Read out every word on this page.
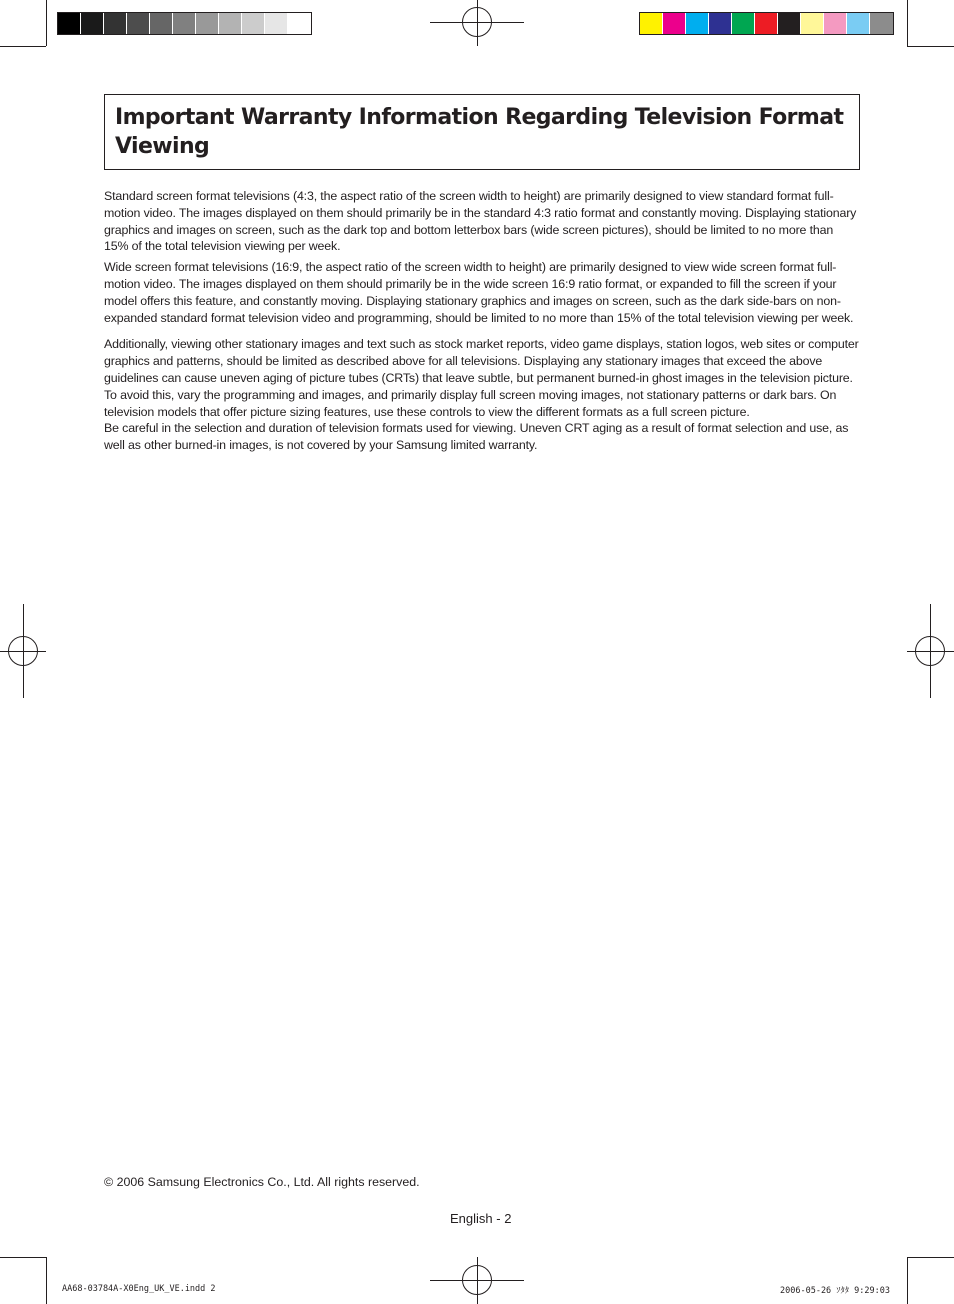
Important Warranty Information Regarding Television Format Viewing

Standard screen format televisions (4:3, the aspect ratio of the screen width to height) are primarily designed to view standard format full-motion video. The images displayed on them should primarily be in the standard 4:3 ratio format and constantly moving. Displaying stationary graphics and images on screen, such as the dark top and bottom letterbox bars (wide screen pictures), should be limited to no more than 15% of the total television viewing per week.

Wide screen format televisions (16:9, the aspect ratio of the screen width to height) are primarily designed to view wide screen format full-motion video. The images displayed on them should primarily be in the wide screen 16:9 ratio format, or expanded to fill the screen if your model offers this feature, and constantly moving. Displaying stationary graphics and images on screen, such as the dark side-bars on non-expanded standard format television video and programming, should be limited to no more than 15% of the total television viewing per week.

Additionally, viewing other stationary images and text such as stock market reports, video game displays, station logos, web sites or computer graphics and patterns, should be limited as described above for all televisions. Displaying any stationary images that exceed the above guidelines can cause uneven aging of picture tubes (CRTs) that leave subtle, but permanent burned-in ghost images in the television picture. To avoid this, vary the programming and images, and primarily display full screen moving images, not stationary patterns or dark bars. On television models that offer picture sizing features, use these controls to view the different formats as a full screen picture.

Be careful in the selection and duration of television formats used for viewing. Uneven CRT aging as a result of format selection and use, as well as other burned-in images, is not covered by your Samsung limited warranty.

© 2006 Samsung Electronics Co., Ltd. All rights reserved.
English - 2
AA68-03784A-X0Eng_UK_VE.indd 2	2006-05-26 ｿﾀﾀ 9:29:03
